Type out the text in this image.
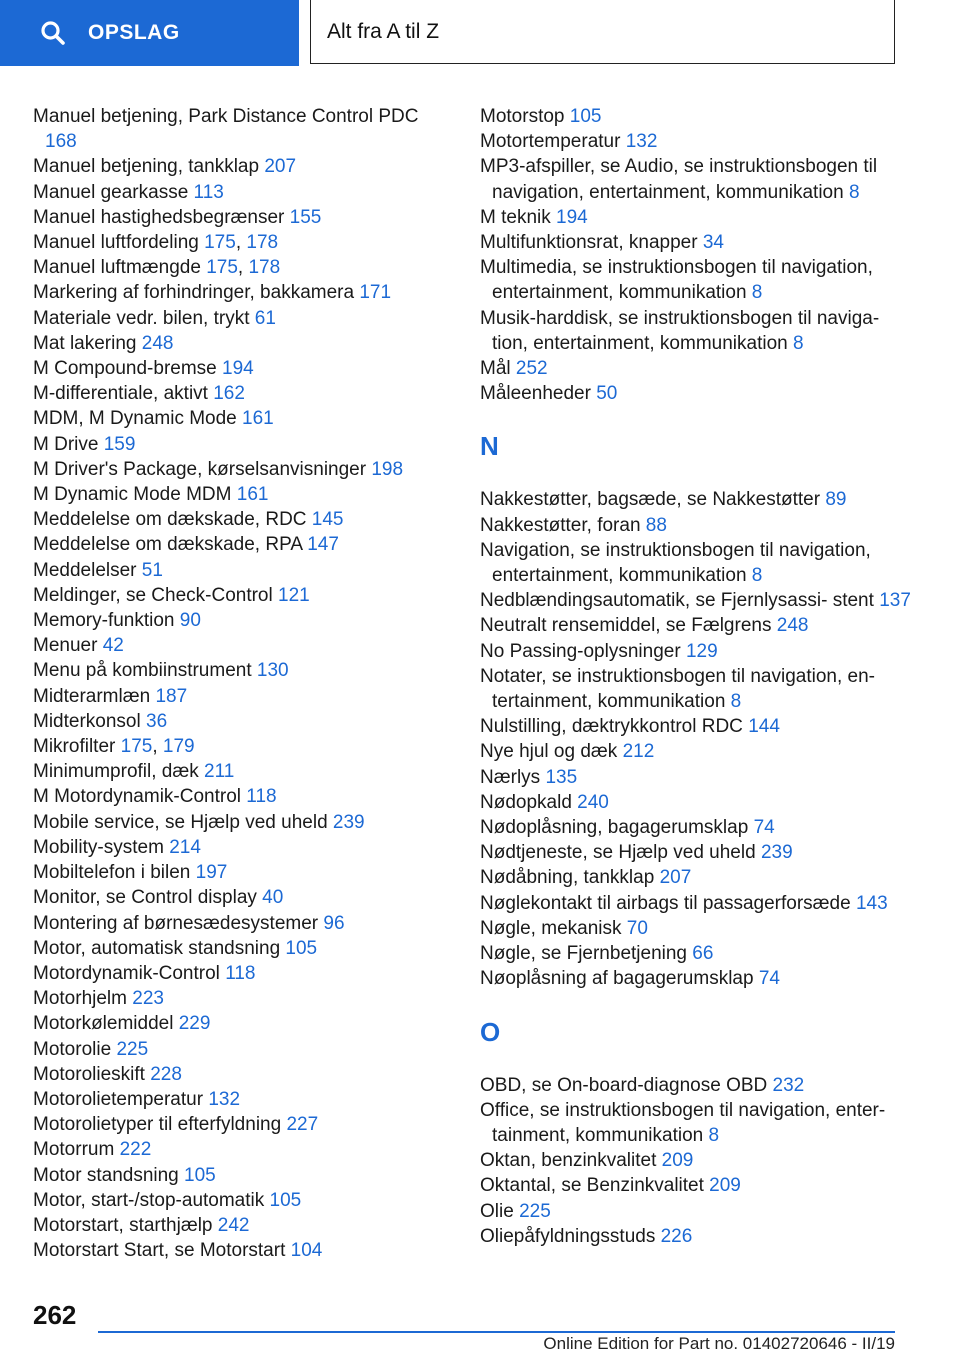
OPSLAG	Alt fra A til Z
Manuel betjening, Park Distance Control PDC 168
Manuel betjening, tankklap 207
Manuel gearkasse 113
Manuel hastighedsbegrænser 155
Manuel luftfordeling 175, 178
Manuel luftmængde 175, 178
Markering af forhindringer, bakkamera 171
Materiale vedr. bilen, trykt 61
Mat lakering 248
M Compound-bremse 194
M-differentiale, aktivt 162
MDM, M Dynamic Mode 161
M Drive 159
M Driver's Package, kørselsanvisninger 198
M Dynamic Mode MDM 161
Meddelelse om dækskade, RDC 145
Meddelelse om dækskade, RPA 147
Meddelelser 51
Meldinger, se Check-Control 121
Memory-funktion 90
Menuer 42
Menu på kombiinstrument 130
Midterarmlæn 187
Midterkonsol 36
Mikrofilter 175, 179
Minimumprofil, dæk 211
M Motordynamik-Control 118
Mobile service, se Hjælp ved uheld 239
Mobility-system 214
Mobiltelefon i bilen 197
Monitor, se Control display 40
Montering af børnesædesystemer 96
Motor, automatisk standsning 105
Motordynamik-Control 118
Motorhjelm 223
Motorkølemiddel 229
Motorolie 225
Motorolieskift 228
Motorolietemperatur 132
Motorolietyper til efterfyldning 227
Motorrum 222
Motor standsning 105
Motor, start-/stop-automatik 105
Motorstart, starthjælp 242
Motorstart Start, se Motorstart 104
Motorstop 105
Motortemperatur 132
MP3-afspiller, se Audio, se instruktionsbogen til navigation, entertainment, kommunikation 8
M teknik 194
Multifunktionsrat, knapper 34
Multimedia, se instruktionsbogen til navigation, entertainment, kommunikation 8
Musik-harddisk, se instruktionsbogen til naviga‐ tion, entertainment, kommunikation 8
Mål 252
Måleenheder 50
N
Nakkestøtter, bagsæde, se Nakkestøtter 89
Nakkestøtter, foran 88
Navigation, se instruktionsbogen til navigation, entertainment, kommunikation 8
Nedblændingsautomatik, se Fjernlysassi‐ stent 137
Neutralt rensemiddel, se Fælgrens 248
No Passing-oplysninger 129
Notater, se instruktionsbogen til navigation, en‐ tertainment, kommunikation 8
Nulstilling, dæktrykkontrol RDC 144
Nye hjul og dæk 212
Nærlys 135
Nødopkald 240
Nødoplåsning, bagagerumsklap 74
Nødtjeneste, se Hjælp ved uheld 239
Nødåbning, tankklap 207
Nøglekontakt til airbags til passagerforsæde 143
Nøgle, mekanisk 70
Nøgle, se Fjernbetjening 66
Nøoplåsning af bagagerumsklap 74
O
OBD, se On-board-diagnose OBD 232
Office, se instruktionsbogen til navigation, enter‐ tainment, kommunikation 8
Oktan, benzinkvalitet 209
Oktantal, se Benzinkvalitet 209
Olie 225
Oliepåfyldningsstuds 226
262
Online Edition for Part no. 01402720646 - II/19
